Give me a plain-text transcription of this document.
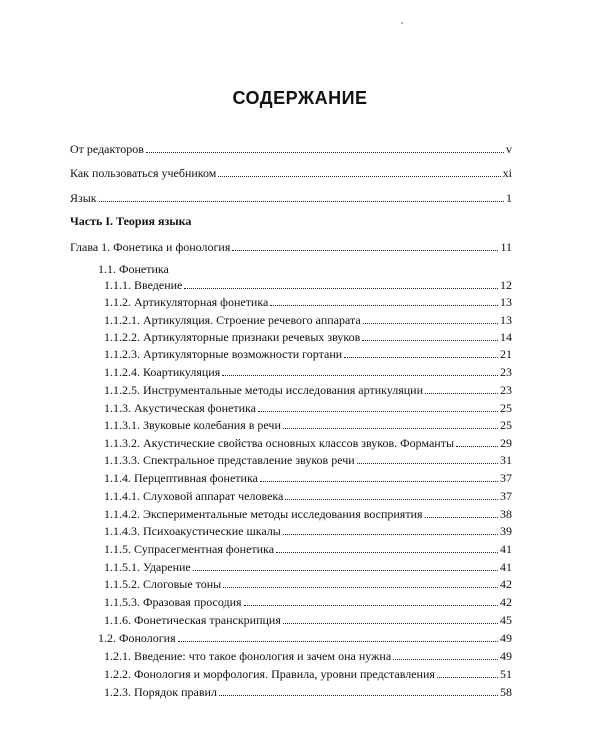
СОДЕРЖАНИЕ
Часть I. Теория языка
От редакторов	v
Как пользоваться учебником	xi
Язык	1
Глава 1. Фонетика и фонология	11
1.1. Фонетика
1.1.1. Введение	12
1.1.2. Артикуляторная фонетика	13
1.1.2.1. Артикуляция. Строение речевого аппарата	13
1.1.2.2. Артикуляторные признаки речевых звуков	14
1.1.2.3. Артикуляторные возможности гортани	21
1.1.2.4. Коартикуляция	23
1.1.2.5. Инструментальные методы исследования артикуляции	23
1.1.3. Акустическая фонетика	25
1.1.3.1. Звуковые колебания в речи	25
1.1.3.2. Акустические свойства основных классов звуков. Форманты	29
1.1.3.3. Спектральное представление звуков речи	31
1.1.4. Перцептивная фонетика	37
1.1.4.1. Слуховой аппарат человека	37
1.1.4.2. Экспериментальные методы исследования восприятия	38
1.1.4.3. Психоакустические шкалы	39
1.1.5. Супрасегментная фонетика	41
1.1.5.1. Ударение	41
1.1.5.2. Слоговые тоны	42
1.1.5.3. Фразовая просодия	42
1.1.6. Фонетическая транскрипция	45
1.2. Фонология	49
1.2.1. Введение: что такое фонология и зачем она нужна	49
1.2.2. Фонология и морфология. Правила, уровни представления	51
1.2.3. Порядок правил	58
